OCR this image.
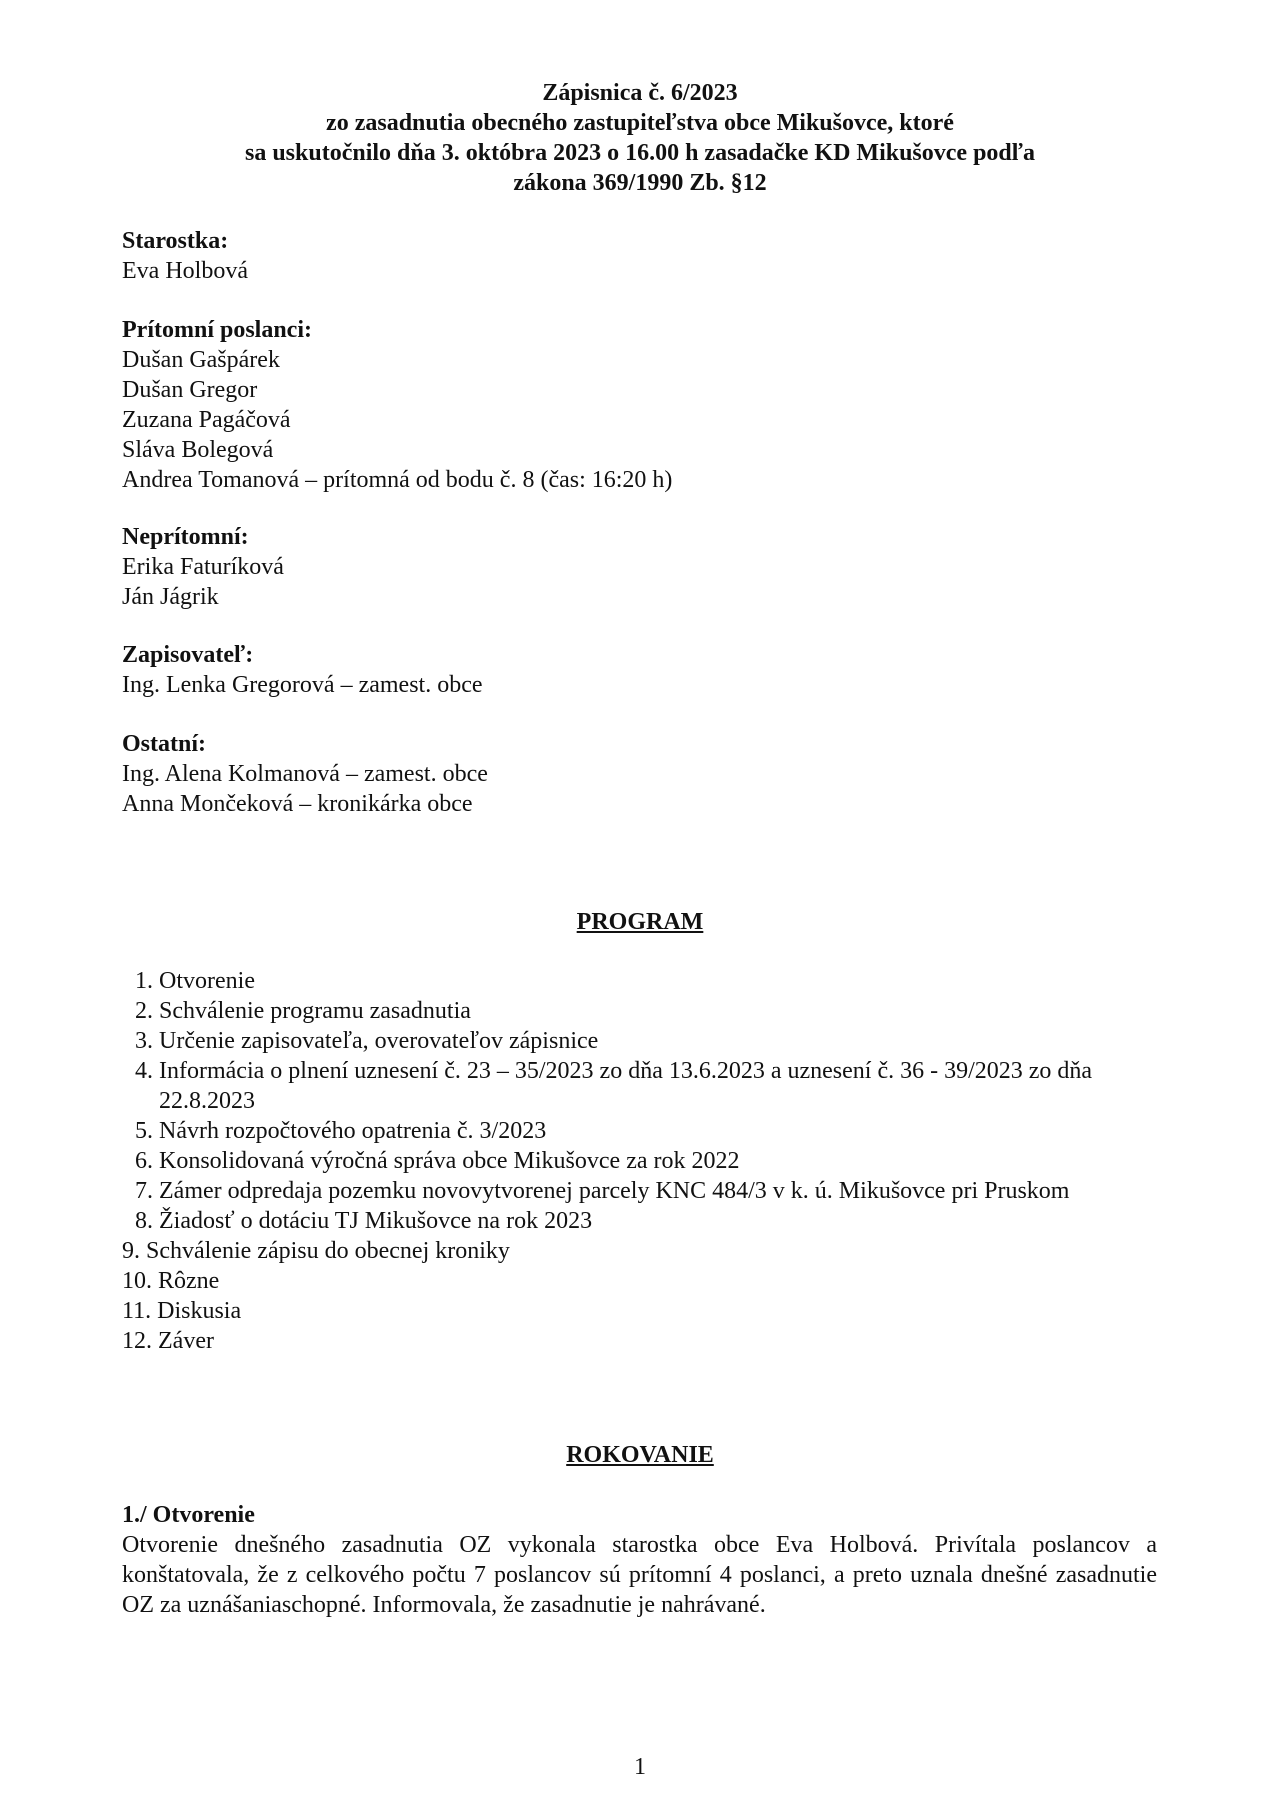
Zápisnica č. 6/2023
zo zasadnutia obecného zastupiteľstva obce Mikušovce, ktoré
sa uskutočnilo dňa 3. októbra 2023 o 16.00 h zasadačke KD Mikušovce podľa
zákona 369/1990 Zb. §12
Starostka:
Eva Holbová
Prítomní poslanci:
Dušan Gašpárek
Dušan Gregor
Zuzana Pagáčová
Sláva Bolegová
Andrea Tomanová – prítomná od bodu č. 8 (čas: 16:20 h)
Neprítomní:
Erika Faturíková
Ján Jágrik
Zapisovateľ:
Ing. Lenka Gregorová – zamest. obce
Ostatní:
Ing. Alena Kolmanová – zamest. obce
Anna Mončeková – kronikárka obce
PROGRAM
1. Otvorenie
2. Schválenie programu zasadnutia
3. Určenie zapisovateľa, overovateľov zápisnice
4. Informácia o plnení uznesení č. 23 – 35/2023 zo dňa 13.6.2023 a uznesení č. 36 - 39/2023 zo dňa 22.8.2023
5. Návrh rozpočtového opatrenia č. 3/2023
6. Konsolidovaná výročná správa obce Mikušovce za rok 2022
7. Zámer odpredaja pozemku novovytvorenej parcely KNC 484/3 v k. ú. Mikušovce pri Pruskom
8. Žiadosť o dotáciu TJ Mikušovce na rok 2023
9. Schválenie zápisu do obecnej kroniky
10. Rôzne
11. Diskusia
12. Záver
ROKOVANIE
1./ Otvorenie
Otvorenie dnešného zasadnutia OZ vykonala starostka obce Eva Holbová. Privítala poslancov a konštatovala, že z celkového počtu 7 poslancov sú prítomní 4 poslanci, a preto uznala dnešné zasadnutie OZ za uznášaniaschopné. Informovala, že zasadnutie je nahrávané.
1
